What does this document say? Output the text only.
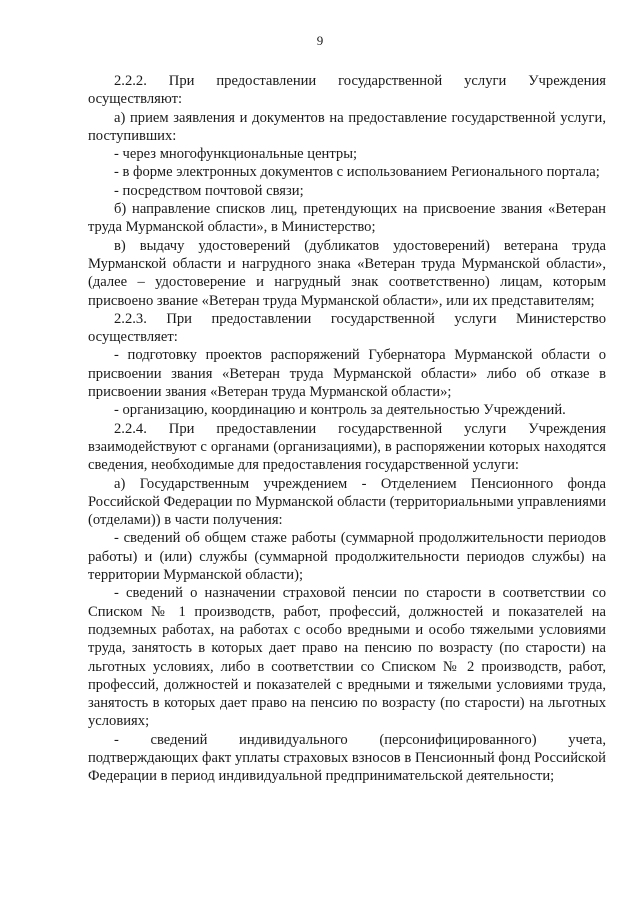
9

2.2.2. При предоставлении государственной услуги Учреждения осуществляют:

а) прием заявления и документов на предоставление государственной услуги, поступивших:

- через многофункциональные центры;

- в форме электронных документов с использованием Регионального портала;

- посредством почтовой связи;

б) направление списков лиц, претендующих на присвоение звания «Ветеран труда Мурманской области», в Министерство;

в) выдачу удостоверений (дубликатов удостоверений) ветерана труда Мурманской области и нагрудного знака «Ветеран труда Мурманской области», (далее – удостоверение и нагрудный знак соответственно) лицам, которым присвоено звание «Ветеран труда Мурманской области», или их представителям;

2.2.3. При предоставлении государственной услуги Министерство осуществляет:

- подготовку проектов распоряжений Губернатора Мурманской области о присвоении звания «Ветеран труда Мурманской области» либо об отказе в присвоении звания «Ветеран труда Мурманской области»;

- организацию, координацию и контроль за деятельностью Учреждений.

2.2.4. При предоставлении государственной услуги Учреждения взаимодействуют с органами (организациями), в распоряжении которых находятся сведения, необходимые для предоставления государственной услуги:

а) Государственным учреждением - Отделением Пенсионного фонда Российской Федерации по Мурманской области (территориальными управлениями (отделами)) в части получения:

- сведений об общем стаже работы (суммарной продолжительности периодов работы) и (или) службы (суммарной продолжительности периодов службы) на территории Мурманской области);

- сведений о назначении страховой пенсии по старости в соответствии со Списком № 1 производств, работ, профессий, должностей и показателей на подземных работах, на работах с особо вредными и особо тяжелыми условиями труда, занятость в которых дает право на пенсию по возрасту (по старости) на льготных условиях, либо в соответствии со Списком № 2 производств, работ, профессий, должностей и показателей с вредными и тяжелыми условиями труда, занятость в которых дает право на пенсию по возрасту (по старости) на льготных условиях;

- сведений индивидуального (персонифицированного) учета, подтверждающих факт уплаты страховых взносов в Пенсионный фонд Российской Федерации в период индивидуальной предпринимательской деятельности;
